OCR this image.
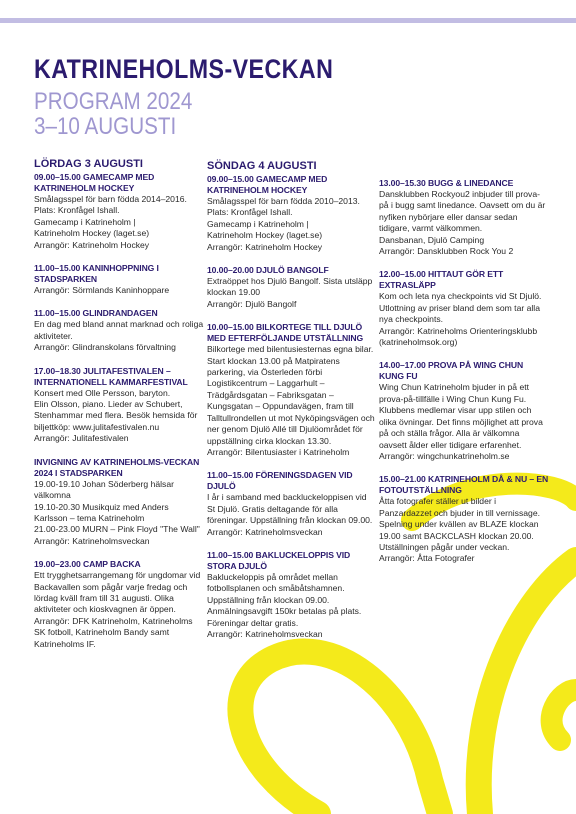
KATRINEHOLMS-VECKAN
PROGRAM 2024
3–10 AUGUSTI
LÖRDAG 3 AUGUSTI
09.00–15.00 GAMECAMP MED KATRINEHOLM HOCKEY
Smålagsspel för barn födda 2014–2016.
Plats: Kronfågel Ishall.
Gamecamp i Katrineholm |
Katrineholm Hockey (laget.se)
Arrangör: Katrineholm Hockey
11.00–15.00 KANINHOPPNING I STADSPARKEN
Arrangör: Sörmlands Kaninhoppare
11.00–15.00 GLINDRANDAGEN
En dag med bland annat marknad och roliga aktiviteter.
Arrangör: Glindranskolans förvaltning
17.00–18.30 JULITAFESTIVALEN – INTERNATIONELL KAMMARFESTIVAL
Konsert med Olle Persson, baryton.
Elin Olsson, piano. Lieder av Schubert, Stenhammar med flera. Besök hemsida för biljettköp: www.julitafestivalen.nu
Arrangör: Julitafestivalen
INVIGNING AV KATRINEHOLMS-VECKAN 2024 I STADSPARKEN
19.00-19.10 Johan Söderberg hälsar välkomna
19.10-20.30 Musikquiz med Anders Karlsson – tema Katrineholm
21.00-23.00 MURN – Pink Floyd "The Wall"
Arrangör: Katrineholmsveckan
19.00–23.00 CAMP BACKA
Ett trygghetsarrangemang för ungdomar vid Backavallen som pågår varje fredag och lördag kväll fram till 31 augusti. Olika aktiviteter och kioskvagnen är öppen.
Arrangör: DFK Katrineholm, Katrineholms SK fotboll, Katrineholm Bandy samt Katrineholms IF.
SÖNDAG 4 AUGUSTI
09.00–15.00 GAMECAMP MED KATRINEHOLM HOCKEY
Smålagsspel för barn födda 2010–2013.
Plats: Kronfågel Ishall.
Gamecamp i Katrineholm |
Katrineholm Hockey (laget.se)
Arrangör: Katrineholm Hockey
10.00–20.00 DJULÖ BANGOLF
Extraöppet hos Djulö Bangolf. Sista utsläpp klockan 19.00
Arrangör: Djulö Bangolf
10.00–15.00 BILKORTEGE TILL DJULÖ MED EFTERFÖLJANDE UTSTÄLLNING
Bilkortege med bilentusiesternas egna bilar. Start klockan 13.00 på Matpiratens parkering, via Österleden förbi Logistikcentrum – Laggarhult – Trädgårdsgatan – Fabriksgatan – Kungsgatan – Oppundavägen, fram till Talltullrondellen ut mot Nyköpingsvägen och ner genom Djulö Allé till Djulöområdet för uppställning cirka klockan 13.30.
Arrangör: Bilentusiaster i Katrineholm
11.00–15.00 FÖRENINGSDAGEN VID DJULÖ
I år i samband med backluckeloppisen vid St Djulö. Gratis deltagande för alla föreningar. Uppställning från klockan 09.00.
Arrangör: Katrineholmsveckan
11.00–15.00 BAKLUCKELOPPIS VID STORA DJULÖ
Bakluckeloppis på området mellan fotbollsplanen och småbåtshamnen. Uppställning från klockan 09.00. Anmälningsavgift 150kr betalas på plats. Föreningar deltar gratis.
Arrangör: Katrineholmsveckan
13.00–15.30 BUGG & LINEDANCE
Dansklubben Rockyou2 inbjuder till prova-på i bugg samt linedance. Oavsett om du är nyfiken nybörjare eller dansar sedan tidigare, varmt välkommen.
Dansbanan, Djulö Camping
Arrangör: Dansklubben Rock You 2
12.00–15.00 HITTAUT GÖR ETT EXTRASLÄPP
Kom och leta nya checkpoints vid St Djulö. Utlottning av priser bland dem som tar alla nya checkpoints.
Arrangör: Katrineholms Orienteringsklubb (katrineholmsok.org)
14.00–17.00 PROVA PÅ WING CHUN KUNG FU
Wing Chun Katrineholm bjuder in på ett prova-på-tillfälle i Wing Chun Kung Fu. Klubbens medlemar visar upp stilen och olika övningar. Det finns möjlighet att prova på och ställa frågor. Alla är välkomna oavsett ålder eller tidigare erfarenhet.
Arrangör: wingchunkatrineholm.se
15.00–21.00 KATRINEHOLM DÅ & NU – EN FOTOUTSTÄLLNING
Åtta fotografer ställer ut bilder i Panzardazzet och bjuder in till vernissage. Spelning under kvällen av BLAZE klockan 19.00 samt BACKCLASH klockan 20.00. Utställningen pågår under veckan.
Arrangör: Åtta Fotografer
